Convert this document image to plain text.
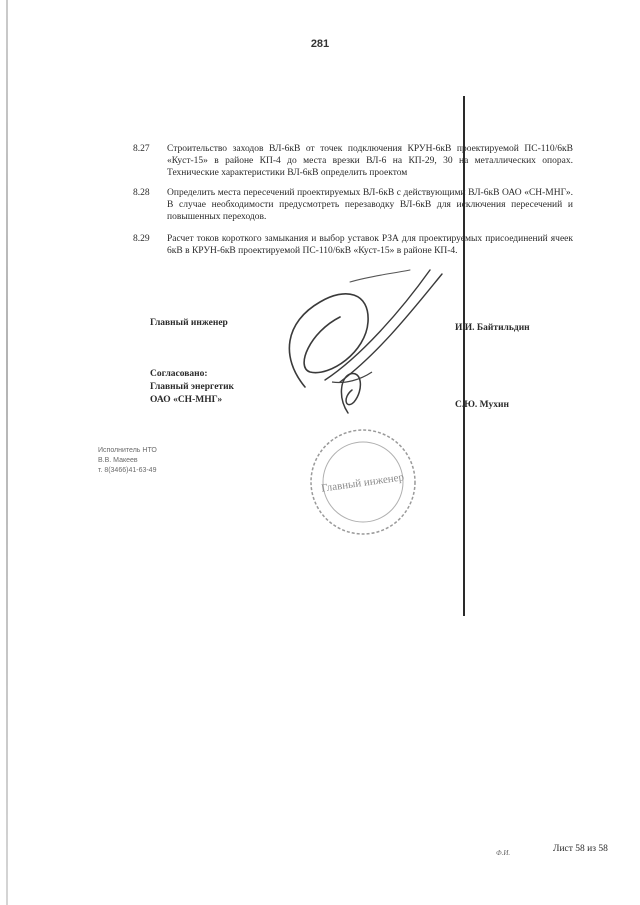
281
8.27	Строительство заходов ВЛ-6кВ от точек подключения КРУН-6кВ проектируемой ПС-110/6кВ «Куст-15» в районе КП-4 до места врезки ВЛ-6 на КП-29, 30 на металлических опорах. Технические характеристики ВЛ-6кВ определить проектом
8.28	Определить места пересечений проектируемых ВЛ-6кВ с действующими ВЛ-6кВ ОАО «СН-МНГ». В случае необходимости предусмотреть перезаводку ВЛ-6кВ для исключения пересечений и повышенных переходов.
8.29	Расчет токов короткого замыкания и выбор уставок РЗА для проектируемых присоединений ячеек 6кВ в КРУН-6кВ проектируемой ПС-110/6кВ «Куст-15» в районе КП-4.
Главный инженер	И.И. Байтильдин
Согласовано:
Главный энергетик
ОАО «СН-МНГ»	С.Ю. Мухин
Главный инженер
Исполнитель НТО
В.В. Макеев
т. 8(3466)41-63-49
Ф.И.	Лист 58 из 58
